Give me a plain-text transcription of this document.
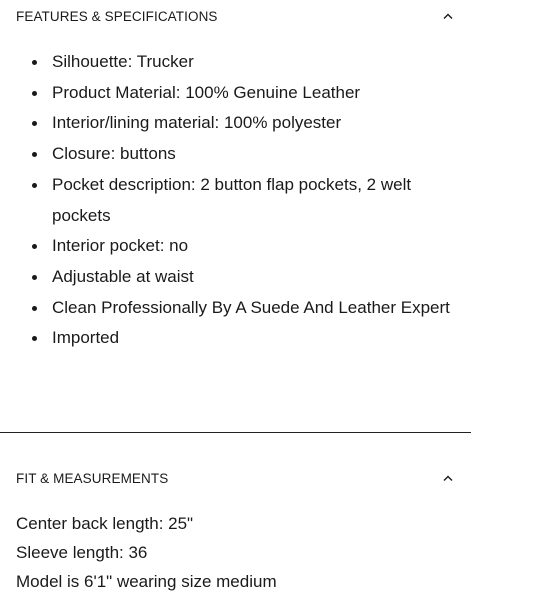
FEATURES & SPECIFICATIONS
Silhouette: Trucker
Product Material: 100% Genuine Leather
Interior/lining material: 100% polyester
Closure: buttons
Pocket description: 2 button flap pockets, 2 welt pockets
Interior pocket: no
Adjustable at waist
Clean Professionally By A Suede And Leather Expert
Imported
FIT & MEASUREMENTS
Center back length: 25"
Sleeve length: 36
Model is 6'1" wearing size medium
